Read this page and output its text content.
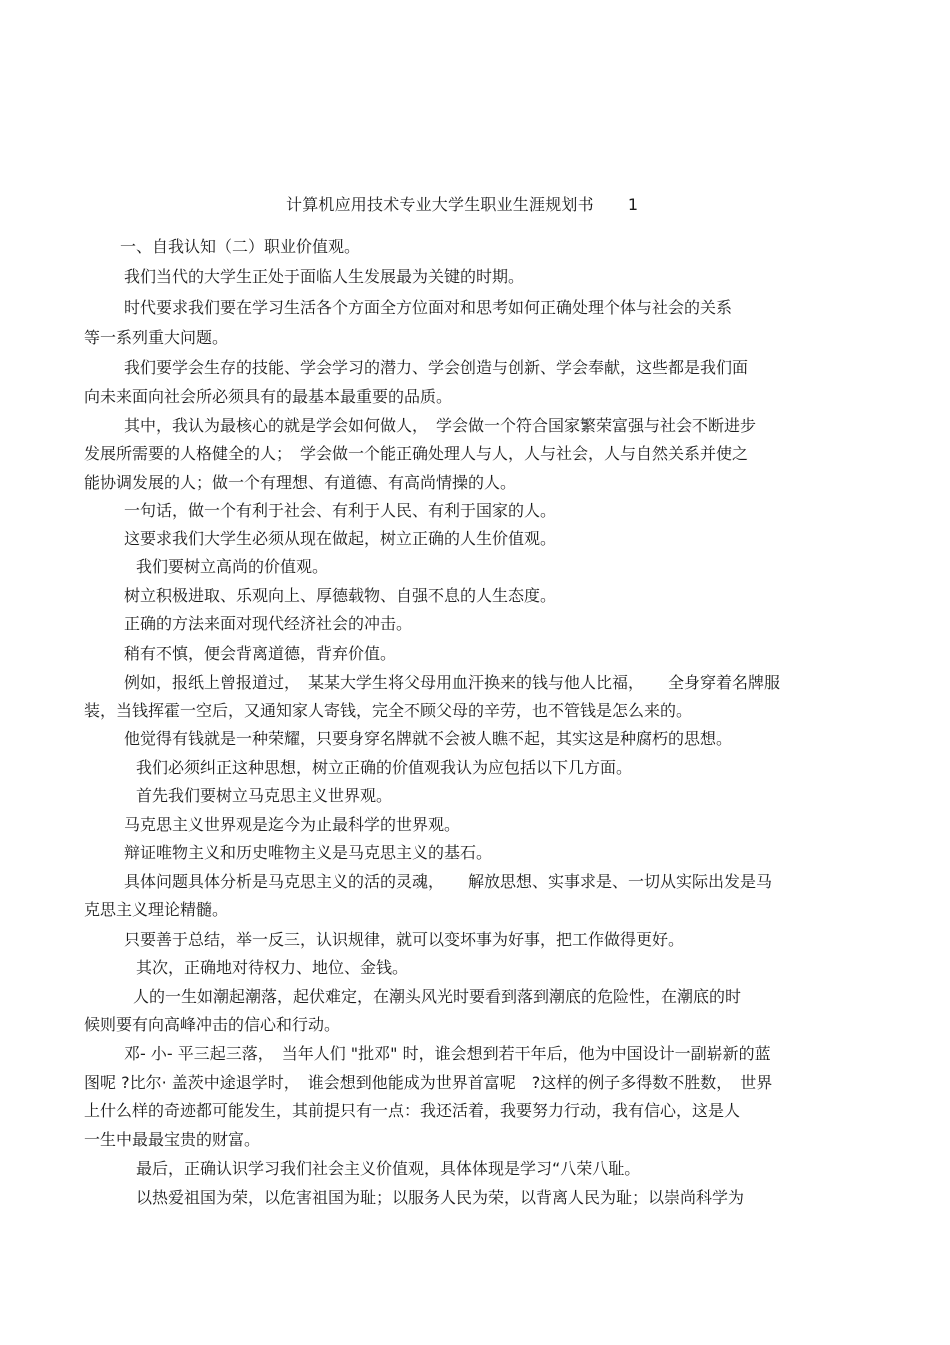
计算机应用技术专业大学生职业生涯规划书 1
一、自我认知（二）职业价值观。
我们当代的大学生正处于面临人生发展最为关键的时期。
时代要求我们要在学习生活各个方面全方位面对和思考如何正确处理个体与社会的关系
等一系列重大问题。
我们要学会生存的技能、学会学习的潜力、学会创造与创新、学会奉献，这些都是我们面
向未来面向社会所必须具有的最基本最重要的品质。
其中，我认为最核心的就是学会如何做人，　学会做一个符合国家繁荣富强与社会不断进步
发展所需要的人格健全的人；　学会做一个能正确处理人与人，人与社会，人与自然关系并使之
能协调发展的人；做一个有理想、有道德、有高尚情操的人。
一句话，做一个有利于社会、有利于人民、有利于国家的人。
这要求我们大学生必须从现在做起，树立正确的人生价值观。
我们要树立高尚的价值观。
树立积极进取、乐观向上、厚德载物、自强不息的人生态度。
正确的方法来面对现代经济社会的冲击。
稍有不慎，便会背离道德，背弃价值。
例如，报纸上曾报道过，　某某大学生将父母用血汗换来的钱与他人比福，　　全身穿着名牌服
装，当钱挥霍一空后，又通知家人寄钱，完全不顾父母的辛劳，也不管钱是怎么来的。
他觉得有钱就是一种荣耀，只要身穿名牌就不会被人瞧不起，其实这是种腐朽的思想。
我们必须纠正这种思想，树立正确的价值观我认为应包括以下几方面。
首先我们要树立马克思主义世界观。
马克思主义世界观是迄今为止最科学的世界观。
辩证唯物主义和历史唯物主义是马克思主义的基石。
具体问题具体分析是马克思主义的活的灵魂，　　解放思想、实事求是、一切从实际出发是马
克思主义理论精髓。
只要善于总结，举一反三，认识规律，就可以变坏事为好事，把工作做得更好。
其次，正确地对待权力、地位、金钱。
人的一生如潮起潮落，起伏难定，在潮头风光时要看到落到潮底的危险性，在潮底的时
候则要有向高峰冲击的信心和行动。
邓- 小- 平三起三落，　当年人们 "批邓" 时，谁会想到若干年后，他为中国设计一副崭新的蓝
图呢 ?比尔· 盖茨中途退学时，　谁会想到他能成为世界首富呢　?这样的例子多得数不胜数，　世界
上什么样的奇迹都可能发生，其前提只有一点：我还活着，我要努力行动，我有信心，这是人
一生中最最宝贵的财富。
最后，正确认识学习我们社会主义价值观，具体体现是学习“八荣八耻。
以热爱祖国为荣，以危害祖国为耻；以服务人民为荣，以背离人民为耻；以崇尚科学为
